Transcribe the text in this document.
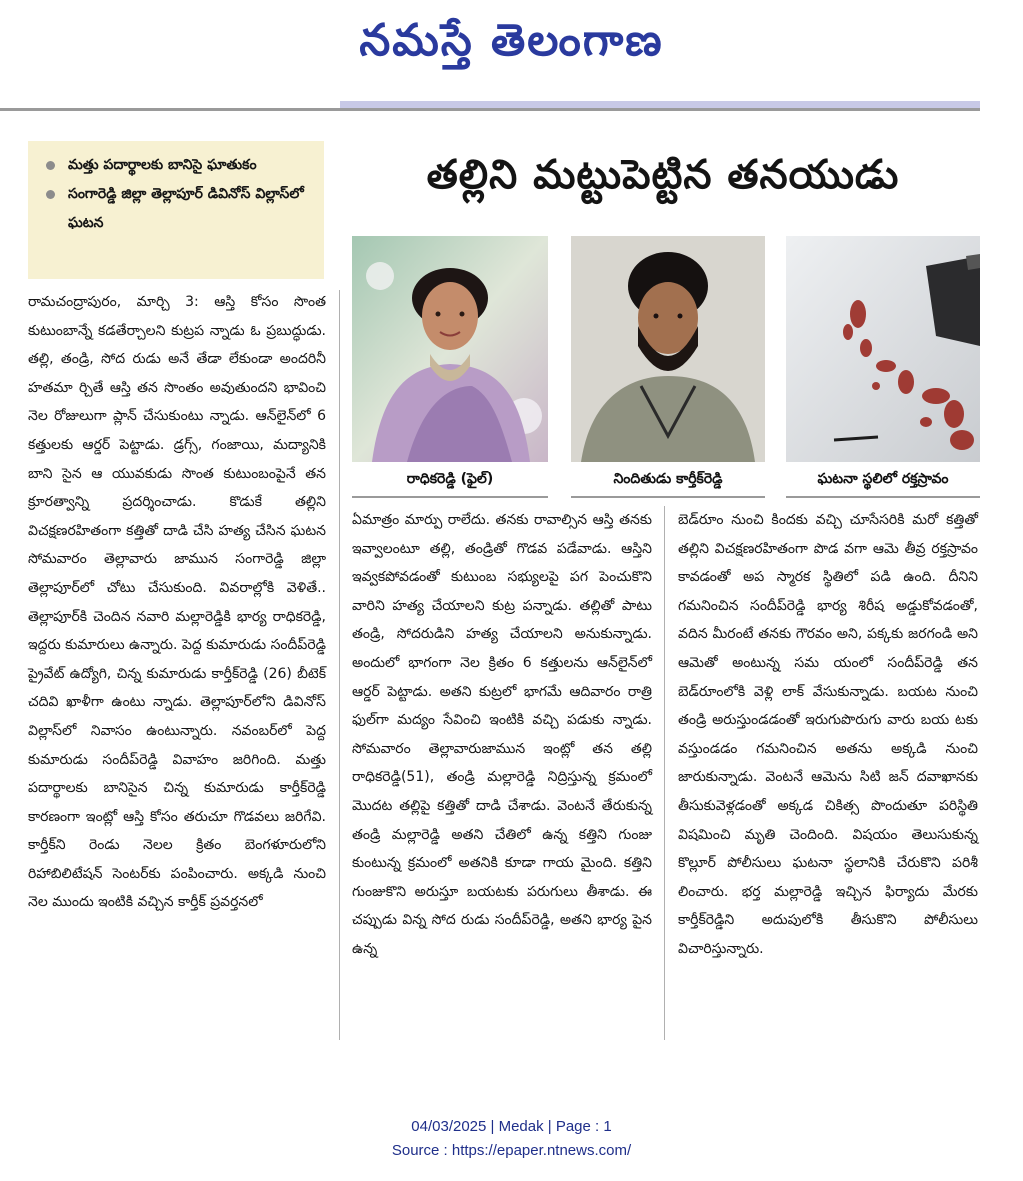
నమస్తే తెలంగాణ
మత్తు పదార్థాలకు బానిసై ఘాతుకం
సంగారెడ్డి జిల్లా తెల్లాపూర్ డివినోస్ విల్లాస్‌లో ఘటన
తల్లిని మట్టుపెట్టిన తనయుడు
రాధికరెడ్డి (ఫైల్)	నిందితుడు కార్తీక్‌రెడ్డి	ఘటనా స్థలిలో రక్తస్రావం

రామచంద్రాపురం, మార్చి 3: ఆస్తి కోసం సొంత కుటుంబాన్నే కడతేర్చాలని కుట్రప న్నాడు ఓ ప్రబుద్ధుడు. తల్లి, తండ్రి, సోద రుడు అనే తేడా లేకుండా అందరినీ హతమా ర్చితే ఆస్తి తన సొంతం అవుతుందని భావించి నెల రోజులుగా ప్లాన్ చేసుకుంటు న్నాడు. ఆన్‌లైన్‌లో 6 కత్తులకు ఆర్డర్ పెట్టాడు. డ్రగ్స్, గంజాయి, మద్యానికి బాని సైన ఆ యువకుడు సొంత కుటుంబంపైనే తన క్రూరత్వాన్ని ప్రదర్శించాడు. కొడుకే తల్లిని విచక్షణరహితంగా కత్తితో దాడి చేసి హత్య చేసిన ఘటన సోమవారం తెల్లావారు జామున సంగారెడ్డి జిల్లా తెల్లాపూర్‌లో చోటు చేసుకుంది. వివరాల్లోకి వెళితే.. తెల్లాపూర్‌కి చెందిన నవారి మల్లారెడ్డికి భార్య రాధికరెడ్డి, ఇద్దరు కుమారులు ఉన్నారు. పెద్ద కుమారుడు సందీప్‌రెడ్డి ప్రైవేట్ ఉద్యోగి, చిన్న కుమారుడు కార్తీక్‌రెడ్డి (26) బీటెక్ చదివి ఖాళీగా ఉంటు న్నాడు. తెల్లాపూర్‌లోని డివినోస్ విల్లాస్‌లో నివాసం ఉంటున్నారు. నవంబర్‌లో పెద్ద కుమారుడు సందీప్‌రెడ్డి వివాహం జరిగింది. మత్తు పదార్థాలకు బానిసైన చిన్న కుమారుడు కార్తీక్‌రెడ్డి కారణంగా ఇంట్లో ఆస్తి కోసం తరుచూ గొడవలు జరిగేవి. కార్తీక్‌ని రెండు నెలల క్రితం బెంగళూరులోని రిహాబిలిటేషన్ సెంటర్‌కు పంపించారు. అక్కడి నుంచి నెల ముందు ఇంటికి వచ్చిన కార్తీక్ ప్రవర్తనలో

ఏమాత్రం మార్పు రాలేదు. తనకు రావాల్సిన ఆస్తి తనకు ఇవ్వాలంటూ తల్లి, తండ్రితో గొడవ పడేవాడు. ఆస్తిని ఇవ్వకపోవడంతో కుటుంబ సభ్యులపై పగ పెంచుకొని వారిని హత్య చేయాలని కుట్ర పన్నాడు. తల్లితో పాటు తండ్రి, సోదరుడిని హత్య చేయాలని అనుకున్నాడు. అందులో భాగంగా నెల క్రితం 6 కత్తులను ఆన్‌లైన్‌లో ఆర్డర్ పెట్టాడు. అతని కుట్రలో భాగమే ఆదివారం రాత్రి ఫుల్‌గా మద్యం సేవించి ఇంటికి వచ్చి పడుకు న్నాడు. సోమవారం తెల్లావారుజామున ఇంట్లో తన తల్లి రాధికరెడ్డి(51), తండ్రి మల్లారెడ్డి నిద్రిస్తున్న క్రమంలో మొదట తల్లిపై కత్తితో దాడి చేశాడు. వెంటనే తేరుకున్న తండ్రి మల్లారెడ్డి అతని చేతిలో ఉన్న కత్తిని గుంజు కుంటున్న క్రమంలో అతనికి కూడా గాయ మైంది. కత్తిని గుంజుకొని అరుస్తూ బయటకు పరుగులు తీశాడు. ఈ చప్పుడు విన్న సోద రుడు సందీప్‌రెడ్డి, అతని భార్య పైన ఉన్న

బెడ్‌రూం నుంచి కిందకు వచ్చి చూసేసరికి మరో కత్తితో తల్లిని విచక్షణరహితంగా పొడ వగా ఆమె తీవ్ర రక్తస్రావం కావడంతో అప స్మారక స్థితిలో పడి ఉంది. దీనిని గమనించిన సందీప్‌రెడ్డి భార్య శిరీష అడ్డుకోవడంతో, వదిన మీరంటే తనకు గౌరవం అని, పక్కకు జరగండి అని ఆమెతో అంటున్న సమ యంలో సందీప్‌రెడ్డి తన బెడ్‌రూంలోకి వెళ్లి లాక్ వేసుకున్నాడు. బయట నుంచి తండ్రి అరుస్తుండడంతో ఇరుగుపొరుగు వారు బయ టకు వస్తుండడం గమనించిన అతను అక్కడి నుంచి జారుకున్నాడు. వెంటనే ఆమెను సిటి జన్ దవాఖానకు తీసుకువెళ్లడంతో అక్కడ చికిత్స పొందుతూ పరిస్థితి విషమించి మృతి చెందింది. విషయం తెలుసుకున్న కొల్లూర్ పోలీసులు ఘటనా స్థలానికి చేరుకొని పరిశీ లించారు. భర్త మల్లారెడ్డి ఇచ్చిన ఫిర్యాదు మేరకు కార్తీక్‌రెడ్డిని అదుపులోకి తీసుకొని పోలీసులు విచారిస్తున్నారు.

04/03/2025 | Medak | Page : 1
Source : https://epaper.ntnews.com/
